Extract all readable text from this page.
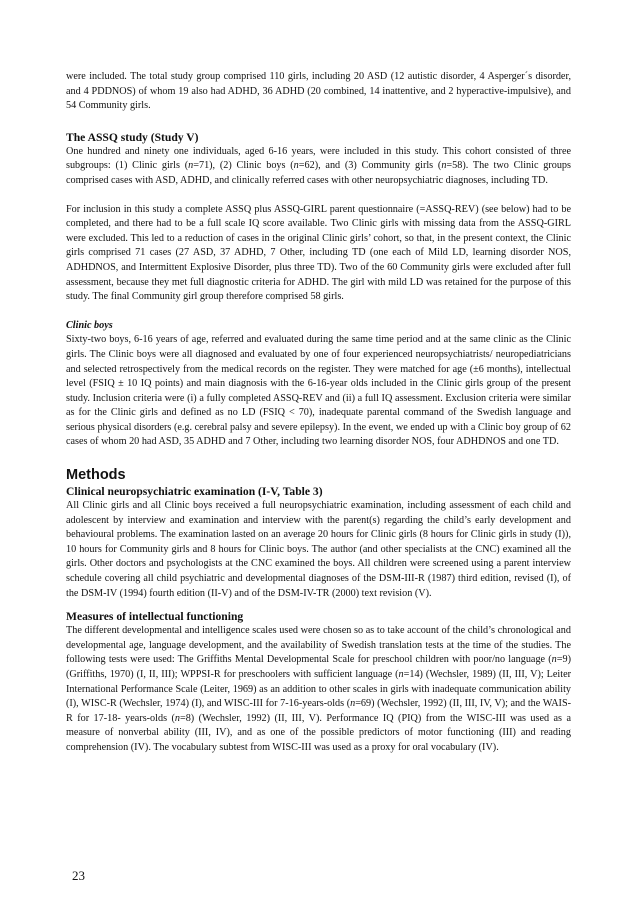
were included. The total study group comprised 110 girls, including 20 ASD (12 autistic disorder, 4 Asperger´s disorder, and 4 PDDNOS) of whom 19 also had ADHD, 36 ADHD (20 combined, 14 inattentive, and 2 hyperactive-impulsive), and 54 Community girls.

The ASSQ study (Study V)

One hundred and ninety one individuals, aged 6-16 years, were included in this study. This cohort consisted of three subgroups: (1) Clinic girls (n=71), (2) Clinic boys (n=62), and (3) Community girls (n=58). The two Clinic groups comprised cases with ASD, ADHD, and clinically referred cases with other neuropsychiatric diagnoses, including TD.

For inclusion in this study a complete ASSQ plus ASSQ-GIRL parent questionnaire (=ASSQ-REV) (see below) had to be completed, and there had to be a full scale IQ score available. Two Clinic girls with missing data from the ASSQ-GIRL were excluded. This led to a reduction of cases in the original Clinic girls’ cohort, so that, in the present context, the Clinic girls comprised 71 cases (27 ASD, 37 ADHD, 7 Other, including TD (one each of Mild LD, learning disorder NOS, ADHDNOS, and Intermittent Explosive Disorder, plus three TD). Two of the 60 Community girls were excluded after full assessment, because they met full diagnostic criteria for ADHD. The girl with mild LD was retained for the purpose of this study. The final Community girl group therefore comprised 58 girls.

Clinic boys

Sixty-two boys, 6-16 years of age, referred and evaluated during the same time period and at the same clinic as the Clinic girls. The Clinic boys were all diagnosed and evaluated by one of four experienced neuropsychiatrists/ neuropediatricians and selected retrospectively from the medical records on the register. They were matched for age (±6 months), intellectual level (FSIQ ± 10 IQ points) and main diagnosis with the 6-16-year olds included in the Clinic girls group of the present study. Inclusion criteria were (i) a fully completed ASSQ-REV and (ii) a full IQ assessment. Exclusion criteria were similar as for the Clinic girls and defined as no LD (FSIQ < 70), inadequate parental command of the Swedish language and serious physical disorders (e.g. cerebral palsy and severe epilepsy). In the event, we ended up with a Clinic boy group of 62 cases of whom 20 had ASD, 35 ADHD and 7 Other, including two learning disorder NOS, four ADHDNOS and one TD.

Methods
Clinical neuropsychiatric examination (I-V, Table 3)

All Clinic girls and all Clinic boys received a full neuropsychiatric examination, including assessment of each child and adolescent by interview and examination and interview with the parent(s) regarding the child’s early development and behavioural problems. The examination lasted on an average 20 hours for Clinic girls (8 hours for Clinic girls in study (I)), 10 hours for Community girls and 8 hours for Clinic boys. The author (and other specialists at the CNC) examined all the girls. Other doctors and psychologists at the CNC examined the boys. All children were screened using a parent interview schedule covering all child psychiatric and developmental diagnoses of the DSM-III-R (1987) third edition, revised (I), of the DSM-IV (1994) fourth edition (II-V) and of the DSM-IV-TR (2000) text revision (V).

Measures of intellectual functioning

The different developmental and intelligence scales used were chosen so as to take account of the child’s chronological and developmental age, language development, and the availability of Swedish translation tests at the time of the studies. The following tests were used: The Griffiths Mental Developmental Scale for preschool children with poor/no language (n=9) (Griffiths, 1970) (I, II, III); WPPSI-R for preschoolers with sufficient language (n=14) (Wechsler, 1989) (II, III, V); Leiter International Performance Scale (Leiter, 1969) as an addition to other scales in girls with inadequate communication ability (I), WISC-R (Wechsler, 1974) (I), and WISC-III for 7-16-years-olds (n=69) (Wechsler, 1992) (II, III, IV, V); and the WAIS-R for 17-18- years-olds (n=8) (Wechsler, 1992) (II, III, V). Performance IQ (PIQ) from the WISC-III was used as a measure of nonverbal ability (III, IV), and as one of the possible predictors of motor functioning (III) and reading comprehension (IV). The vocabulary subtest from WISC-III was used as a proxy for oral vocabulary (IV).

23
